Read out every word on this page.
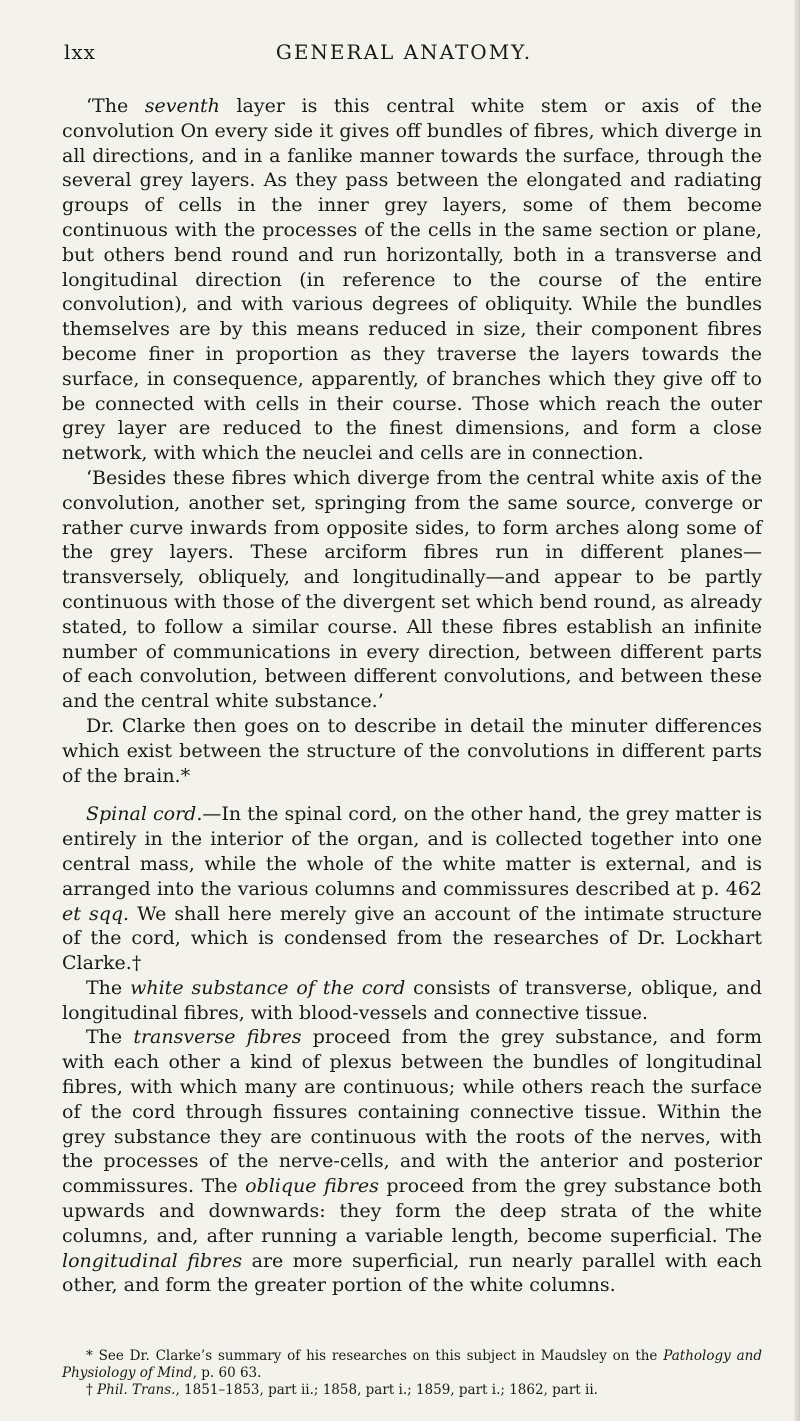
lxx	GENERAL ANATOMY.

‘The seventh layer is this central white stem or axis of the convolution On every side it gives off bundles of fibres, which diverge in all directions, and in a fanlike manner towards the surface, through the several grey layers. As they pass between the elongated and radiating groups of cells in the inner grey layers, some of them become continuous with the processes of the cells in the same section or plane, but others bend round and run horizontally, both in a transverse and longitudinal direction (in reference to the course of the entire convolution), and with various degrees of obliquity. While the bundles themselves are by this means reduced in size, their component fibres become finer in proportion as they traverse the layers towards the surface, in consequence, apparently, of branches which they give off to be connected with cells in their course. Those which reach the outer grey layer are reduced to the finest dimensions, and form a close network, with which the neuclei and cells are in connection.

‘Besides these fibres which diverge from the central white axis of the convolution, another set, springing from the same source, converge or rather curve inwards from opposite sides, to form arches along some of the grey layers. These arciform fibres run in different planes—transversely, obliquely, and longitudinally—and appear to be partly continuous with those of the divergent set which bend round, as already stated, to follow a similar course. All these fibres establish an infinite number of communications in every direction, between different parts of each convolution, between different convolutions, and between these and the central white substance.’

Dr. Clarke then goes on to describe in detail the minuter differences which exist between the structure of the convolutions in different parts of the brain.*

Spinal cord.—In the spinal cord, on the other hand, the grey matter is entirely in the interior of the organ, and is collected together into one central mass, while the whole of the white matter is external, and is arranged into the various columns and commissures described at p. 462 et sqq. We shall here merely give an account of the intimate structure of the cord, which is condensed from the researches of Dr. Lockhart Clarke.†

The white substance of the cord consists of transverse, oblique, and longitudinal fibres, with blood-vessels and connective tissue.

The transverse fibres proceed from the grey substance, and form with each other a kind of plexus between the bundles of longitudinal fibres, with which many are continuous; while others reach the surface of the cord through fissures containing connective tissue. Within the grey substance they are continuous with the roots of the nerves, with the processes of the nerve-cells, and with the anterior and posterior commissures. The oblique fibres proceed from the grey substance both upwards and downwards: they form the deep strata of the white columns, and, after running a variable length, become superficial. The longitudinal fibres are more superficial, run nearly parallel with each other, and form the greater portion of the white columns.

* See Dr. Clarke’s summary of his researches on this subject in Maudsley on the Pathology and Physiology of Mind, p. 60 63.

† Phil. Trans., 1851–1853, part ii.; 1858, part i.; 1859, part i.; 1862, part ii.
